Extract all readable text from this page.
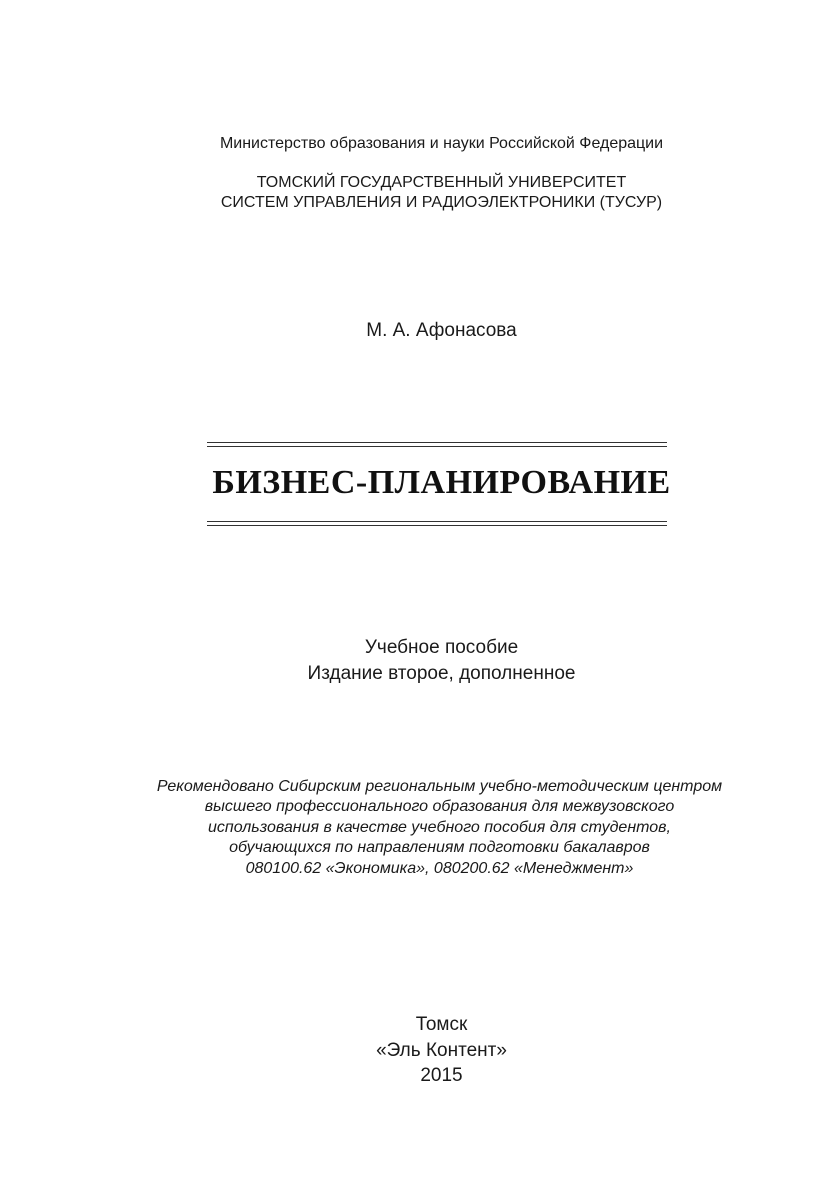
Министерство образования и науки Российской Федерации
ТОМСКИЙ ГОСУДАРСТВЕННЫЙ УНИВЕРСИТЕТ
СИСТЕМ УПРАВЛЕНИЯ И РАДИОЭЛЕКТРОНИКИ (ТУСУР)
М. А. Афонасова
БИЗНЕС-ПЛАНИРОВАНИЕ
Учебное пособие
Издание второе, дополненное
Рекомендовано Сибирским региональным учебно-методическим центром
высшего профессионального образования для межвузовского
использования в качестве учебного пособия для студентов,
обучающихся по направлениям подготовки бакалавров
080100.62 «Экономика», 080200.62 «Менеджмент»
Томск
«Эль Контент»
2015
